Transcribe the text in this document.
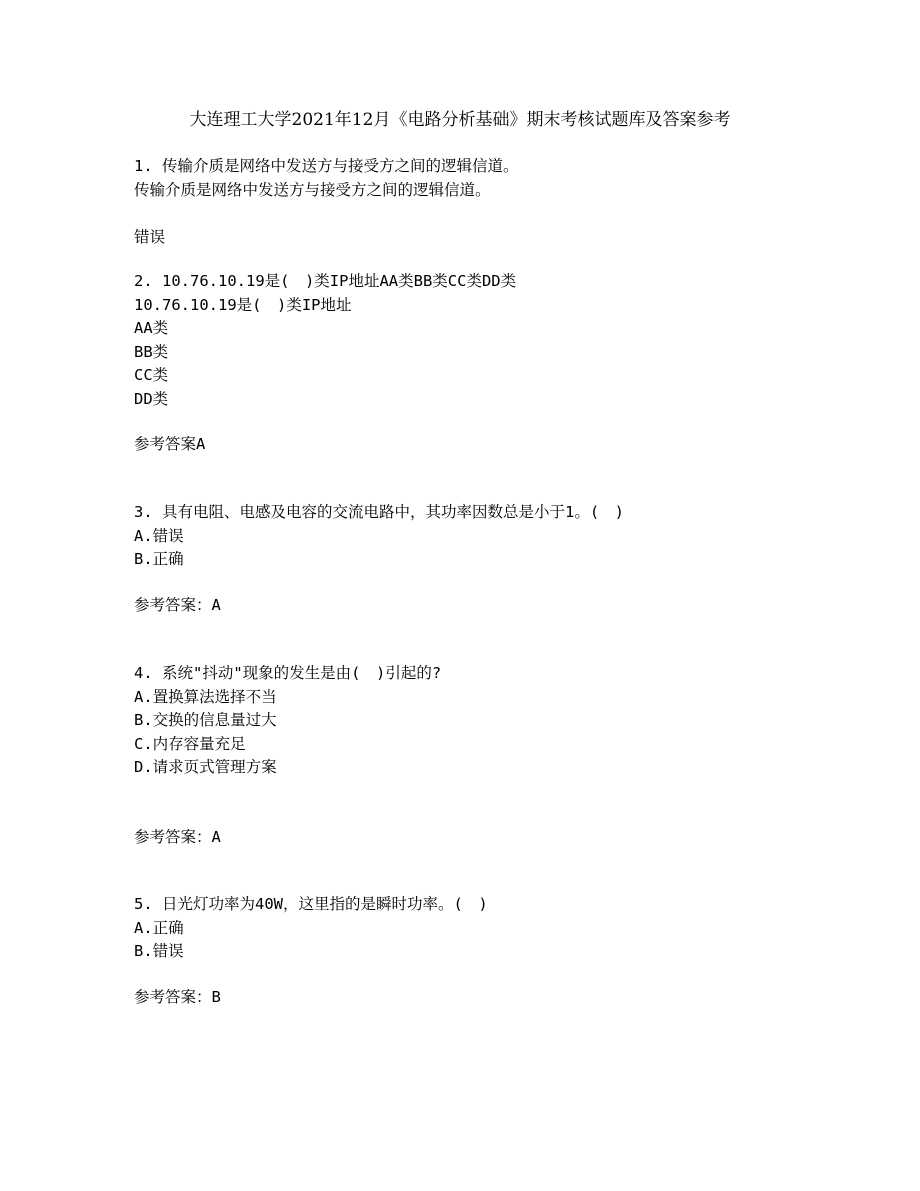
大连理工大学2021年12月《电路分析基础》期末考核试题库及答案参考
1. 传输介质是网络中发送方与接受方之间的逻辑信道。
传输介质是网络中发送方与接受方之间的逻辑信道。
错误
2. 10.76.10.19是(　)类IP地址AA类BB类CC类DD类
10.76.10.19是(　)类IP地址
AA类
BB类
CC类
DD类
参考答案A
3. 具有电阻、电感及电容的交流电路中，其功率因数总是小于1。(　)
A.错误
B.正确
参考答案：A
4. 系统"抖动"现象的发生是由(　)引起的?
A.置换算法选择不当
B.交换的信息量过大
C.内存容量充足
D.请求页式管理方案
参考答案：A
5. 日光灯功率为40W，这里指的是瞬时功率。(　)
A.正确
B.错误
参考答案：B
